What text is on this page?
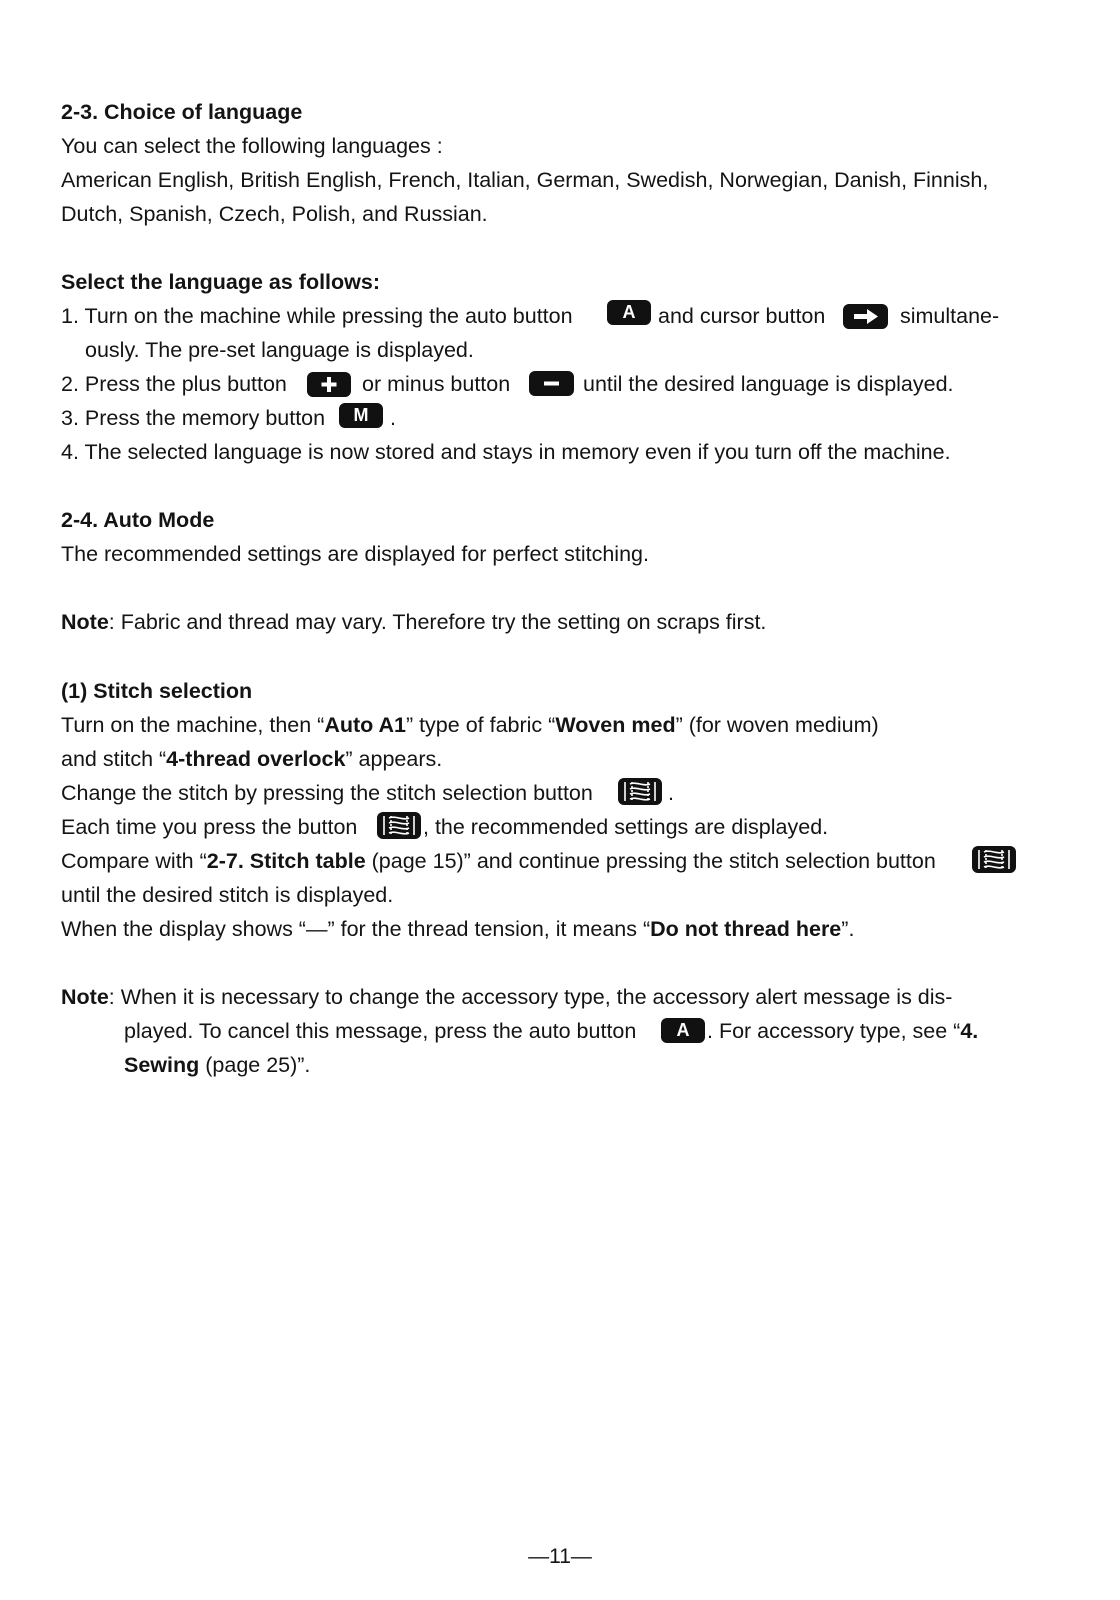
2-3. Choice of language
You can select the following languages :
American English, British English, French, Italian, German, Swedish, Norwegian, Danish, Finnish,
Dutch, Spanish, Czech, Polish, and Russian.
Select the language as follows:
1. Turn on the machine while pressing the auto button	A	and cursor button	simultane-
ously. The pre-set language is displayed.
2. Press the plus button	or minus button	until the desired language is displayed.
3. Press the memory button	M	.
4. The selected language is now stored and stays in memory even if you turn off the machine.
2-4. Auto Mode
The recommended settings are displayed for perfect stitching.
Note: Fabric and thread may vary. Therefore try the setting on scraps first.
(1) Stitch selection
Turn on the machine, then “Auto A1” type of fabric “Woven med” (for woven medium)
and stitch “4-thread overlock” appears.
Change the stitch by pressing the stitch selection button	.
Each time you press the button	, the recommended settings are displayed.
Compare with “2-7. Stitch table (page 15)” and continue pressing the stitch selection button
until the desired stitch is displayed.
When the display shows “—” for the thread tension, it means “Do not thread here”.
Note: When it is necessary to change the accessory type, the accessory alert message is dis-
played. To cancel this message, press the auto button	A . For accessory type, see “4.
Sewing (page 25)”.
—11—
